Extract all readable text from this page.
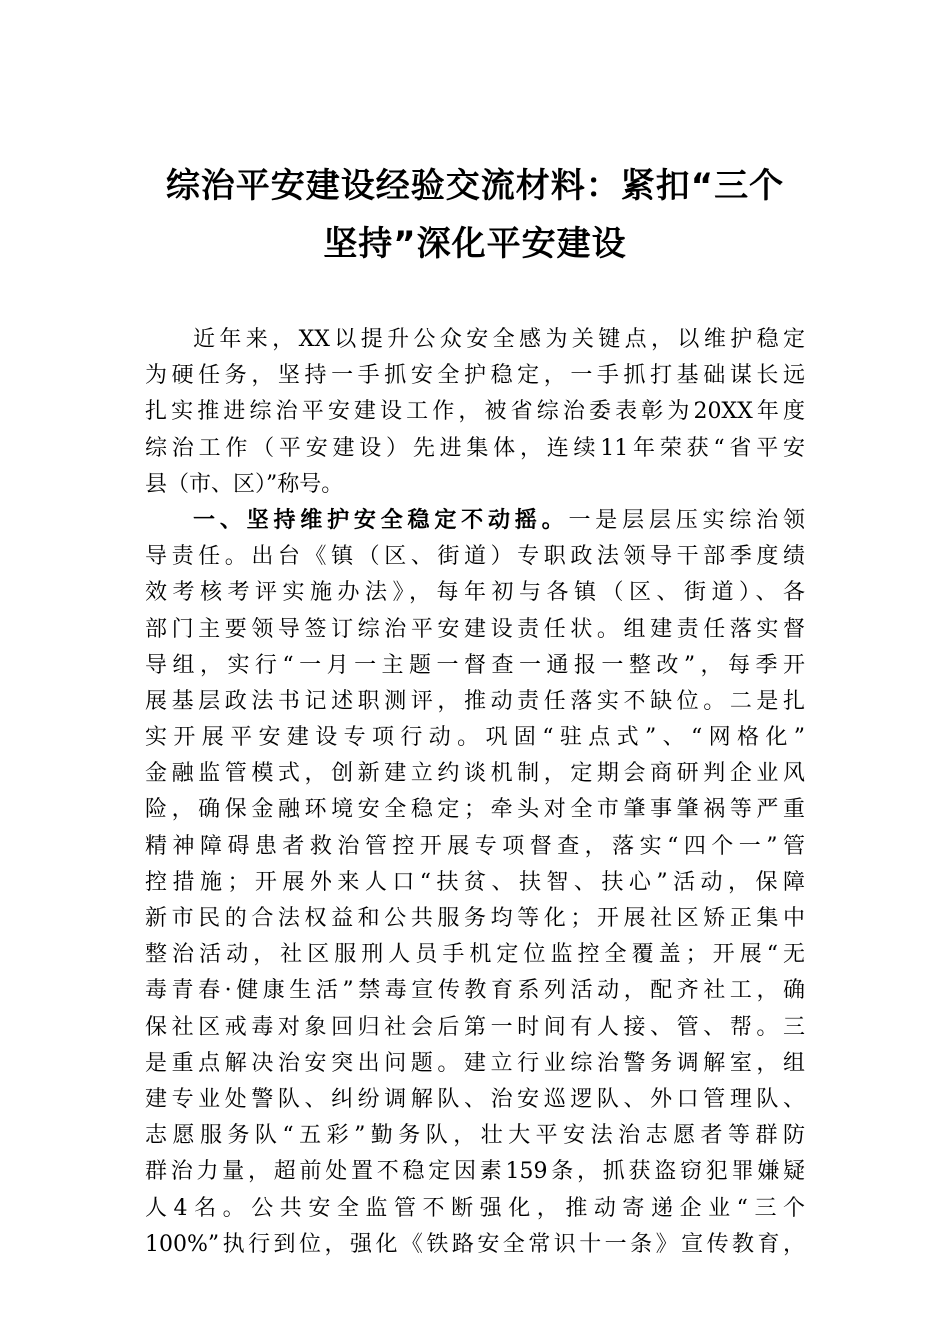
综治平安建设经验交流材料：紧扣“三个
坚持”深化平安建设
近年来，XX以提升公众安全感为关键点，以维护稳定
为硬任务，坚持一手抓安全护稳定，一手抓打基础谋长远
扎实推进综治平安建设工作，被省综治委表彰为20XX年度
综治工作（平安建设）先进集体，连续11年荣获“省平安
县（市、区）”称号。
一、坚持维护安全稳定不动摇。一是层层压实综治领
导责任。出台《镇（区、街道）专职政法领导干部季度绩
效考核考评实施办法》，每年初与各镇（区、街道）、各
部门主要领导签订综治平安建设责任状。组建责任落实督
导组，实行“一月一主题一督查一通报一整改”，每季开
展基层政法书记述职测评，推动责任落实不缺位。二是扎
实开展平安建设专项行动。巩固“驻点式”、“网格化”
金融监管模式，创新建立约谈机制，定期会商研判企业风
险，确保金融环境安全稳定；牵头对全市肇事肇祸等严重
精神障碍患者救治管控开展专项督查，落实“四个一”管
控措施；开展外来人口“扶贫、扶智、扶心”活动，保障
新市民的合法权益和公共服务均等化；开展社区矫正集中
整治活动，社区服刑人员手机定位监控全覆盖；开展“无
毒青春·健康生活”禁毒宣传教育系列活动，配齐社工，确
保社区戒毒对象回归社会后第一时间有人接、管、帮。三
是重点解决治安突出问题。建立行业综治警务调解室，组
建专业处警队、纠纷调解队、治安巡逻队、外口管理队、
志愿服务队“五彩”勤务队，壮大平安法治志愿者等群防
群治力量，超前处置不稳定因素159条，抓获盗窃犯罪嫌疑
人4名。公共安全监管不断强化，推动寄递企业“三个
100%”执行到位，强化《铁路安全常识十一条》宣传教育，
